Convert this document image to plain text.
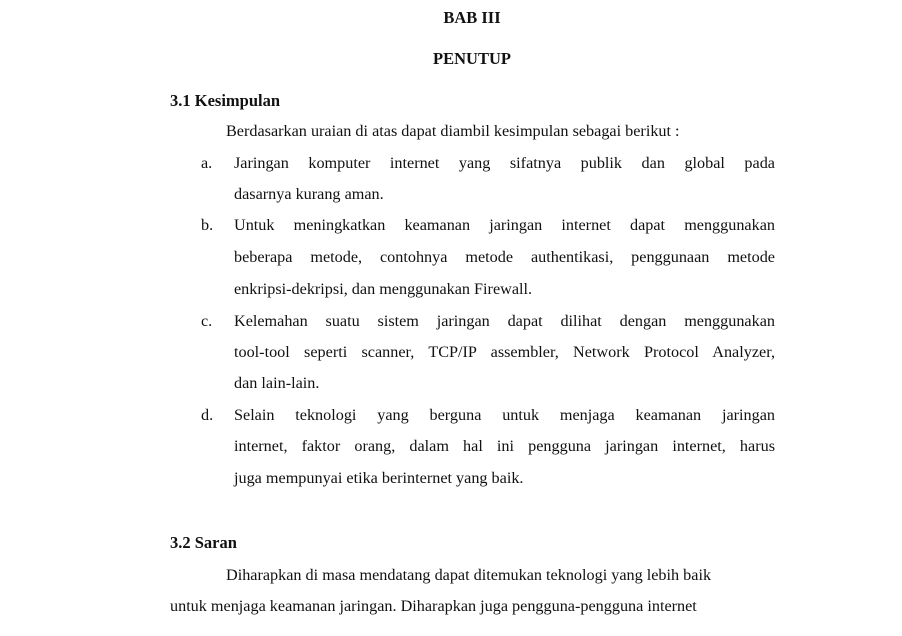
BAB III
PENUTUP
3.1 Kesimpulan
Berdasarkan uraian di atas dapat diambil kesimpulan sebagai berikut :
a. Jaringan komputer internet yang sifatnya publik dan global pada
dasarnya kurang aman.
b. Untuk meningkatkan keamanan jaringan internet dapat menggunakan
beberapa metode, contohnya metode authentikasi, penggunaan metode
enkripsi-dekripsi, dan menggunakan Firewall.
c. Kelemahan suatu sistem jaringan dapat dilihat dengan menggunakan
tool-tool seperti scanner, TCP/IP assembler, Network Protocol Analyzer,
dan lain-lain.
d. Selain teknologi yang berguna untuk menjaga keamanan jaringan
internet, faktor orang, dalam hal ini pengguna jaringan internet, harus
juga mempunyai etika berinternet yang baik.
3.2 Saran
Diharapkan di masa mendatang dapat ditemukan teknologi yang lebih baik
untuk menjaga keamanan jaringan. Diharapkan juga pengguna-pengguna internet
